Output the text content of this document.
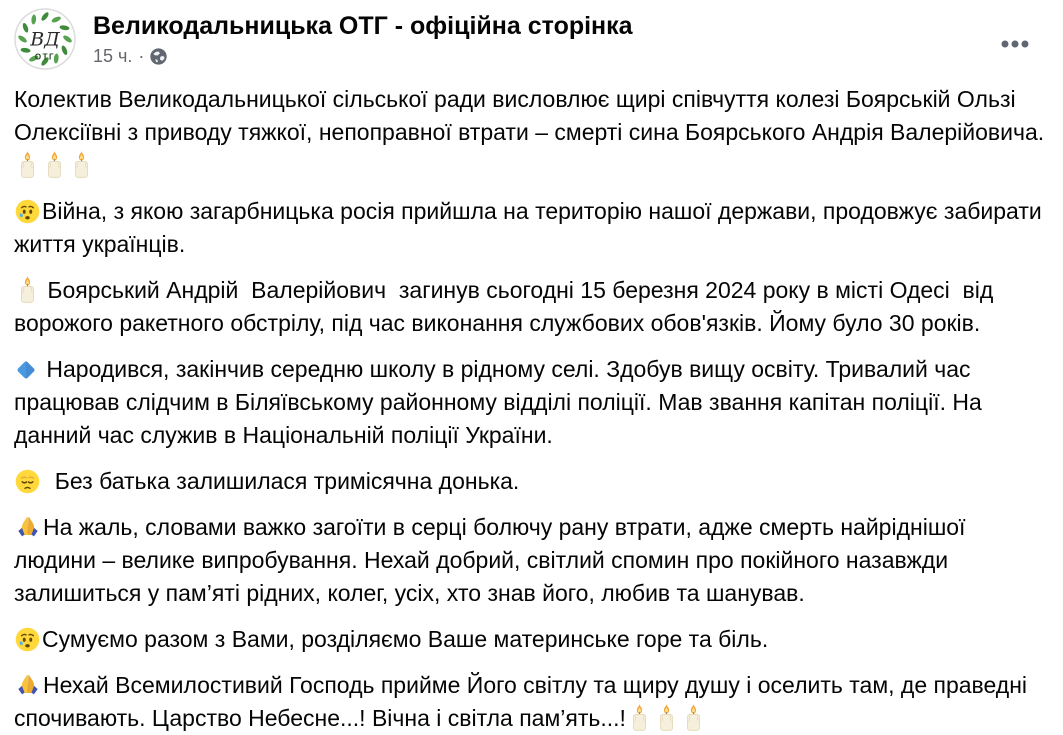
ВД
ОТГ
Великодальницька ОТГ - офіційна сторінка
15 ч. ·

Колектив Великодальницької сільської ради висловлює щирі співчуття колезі Боярській Ользі Олексіївні з приводу тяжкої, непоправної втрати – смерті сина Боярського Андрія Валерійовича.

Війна, з якою загарбницька росія прийшла на територію нашої держави, продовжує забирати життя українців.

Боярський Андрій  Валерійович  загинув сьогодні 15 березня 2024 року в місті Одесі  від ворожого ракетного обстрілу, під час виконання службових обов'язків. Йому було 30 років.

Народився, закінчив середню школу в рідному селі. Здобув вищу освіту. Тривалий час працював слідчим в Біляївському районному відділі поліції. Мав звання капітан поліції. На данний час служив в Національній поліції України.

Без батька залишилася тримісячна донька.

На жаль, словами важко загоїти в серці болючу рану втрати, адже смерть найріднішої людини – велике випробування. Нехай добрий, світлий спомин про покійного назавжди залишиться у пам’яті рідних, колег, усіх, хто знав його, любив та шанував.

Сумуємо разом з Вами, розділяємо Ваше материнське горе та біль.

Нехай Всемилостивий Господь прийме Його світлу та щиру душу і оселить там, де праведні спочивають. Царство Небесне...! Вічна і світла пам’ять...!
